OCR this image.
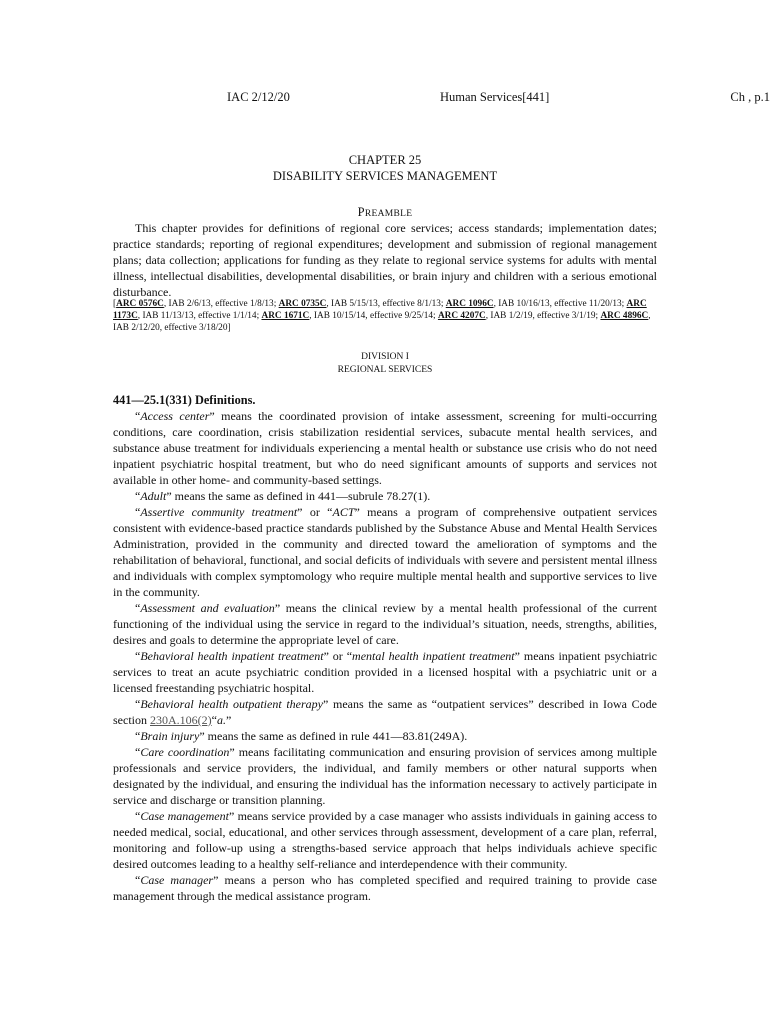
IAC 2/12/20	Human Services[441]	Ch , p.1
CHAPTER 25
DISABILITY SERVICES MANAGEMENT
PREAMBLE
This chapter provides for definitions of regional core services; access standards; implementation dates; practice standards; reporting of regional expenditures; development and submission of regional management plans; data collection; applications for funding as they relate to regional service systems for adults with mental illness, intellectual disabilities, developmental disabilities, or brain injury and children with a serious emotional disturbance.
[ARC 0576C, IAB 2/6/13, effective 1/8/13; ARC 0735C, IAB 5/15/13, effective 8/1/13; ARC 1096C, IAB 10/16/13, effective 11/20/13; ARC 1173C, IAB 11/13/13, effective 1/1/14; ARC 1671C, IAB 10/15/14, effective 9/25/14; ARC 4207C, IAB 1/2/19, effective 3/1/19; ARC 4896C, IAB 2/12/20, effective 3/18/20]
DIVISION I
REGIONAL SERVICES
441—25.1(331) Definitions.

“Access center” means the coordinated provision of intake assessment, screening for multi-occurring conditions, care coordination, crisis stabilization residential services, subacute mental health services, and substance abuse treatment for individuals experiencing a mental health or substance use crisis who do not need inpatient psychiatric hospital treatment, but who do need significant amounts of supports and services not available in other home- and community-based settings.

“Adult” means the same as defined in 441—subrule 78.27(1).

“Assertive community treatment” or “ACT” means a program of comprehensive outpatient services consistent with evidence-based practice standards published by the Substance Abuse and Mental Health Services Administration, provided in the community and directed toward the amelioration of symptoms and the rehabilitation of behavioral, functional, and social deficits of individuals with severe and persistent mental illness and individuals with complex symptomology who require multiple mental health and supportive services to live in the community.

“Assessment and evaluation” means the clinical review by a mental health professional of the current functioning of the individual using the service in regard to the individual’s situation, needs, strengths, abilities, desires and goals to determine the appropriate level of care.

“Behavioral health inpatient treatment” or “mental health inpatient treatment” means inpatient psychiatric services to treat an acute psychiatric condition provided in a licensed hospital with a psychiatric unit or a licensed freestanding psychiatric hospital.

“Behavioral health outpatient therapy” means the same as “outpatient services” described in Iowa Code section 230A.106(2)“a.”

“Brain injury” means the same as defined in rule 441—83.81(249A).

“Care coordination” means facilitating communication and ensuring provision of services among multiple professionals and service providers, the individual, and family members or other natural supports when designated by the individual, and ensuring the individual has the information necessary to actively participate in service and discharge or transition planning.

“Case management” means service provided by a case manager who assists individuals in gaining access to needed medical, social, educational, and other services through assessment, development of a care plan, referral, monitoring and follow-up using a strengths-based service approach that helps individuals achieve specific desired outcomes leading to a healthy self-reliance and interdependence with their community.

“Case manager” means a person who has completed specified and required training to provide case management through the medical assistance program.
